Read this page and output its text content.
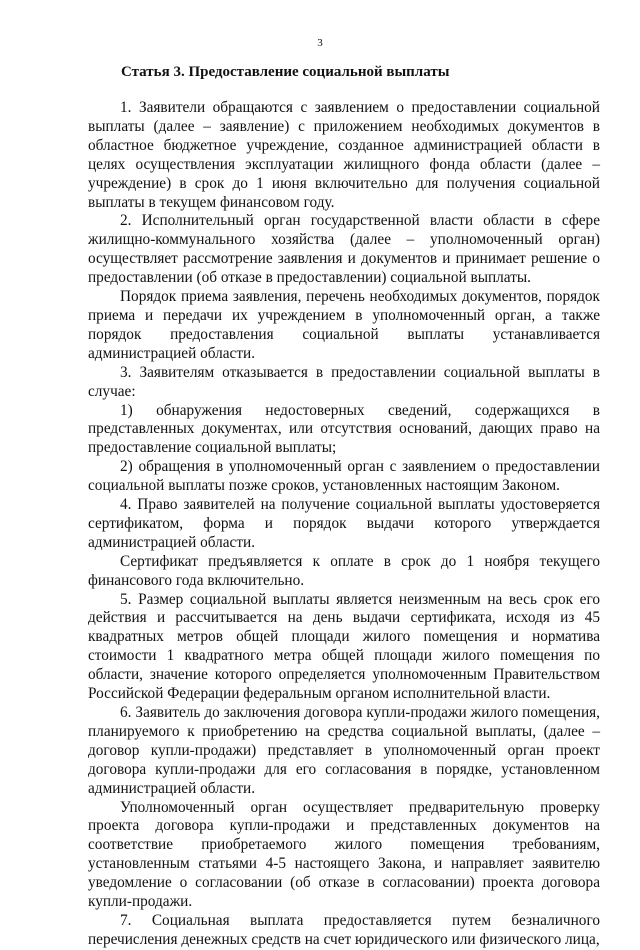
3
Статья 3. Предоставление социальной выплаты

1. Заявители обращаются с заявлением о предоставлении социальной выплаты (далее – заявление) с приложением необходимых документов в областное бюджетное учреждение, созданное администрацией области в целях осуществления эксплуатации жилищного фонда области (далее – учреждение) в срок до 1 июня включительно для получения социальной выплаты в текущем финансовом году.

2. Исполнительный орган государственной власти области в сфере жилищно-коммунального хозяйства (далее – уполномоченный орган) осуществляет рассмотрение заявления и документов и принимает решение о предоставлении (об отказе в предоставлении) социальной выплаты.

Порядок приема заявления, перечень необходимых документов, порядок приема и передачи их учреждением в уполномоченный орган, а также порядок предоставления социальной выплаты устанавливается администрацией области.

3. Заявителям отказывается в предоставлении социальной выплаты в случае:

1) обнаружения недостоверных сведений, содержащихся в представленных документах, или отсутствия оснований, дающих право на предоставление социальной выплаты;

2) обращения в уполномоченный орган с заявлением о предоставлении социальной выплаты позже сроков, установленных настоящим Законом.

4. Право заявителей на получение социальной выплаты удостоверяется сертификатом, форма и порядок выдачи которого утверждается администрацией области.

Сертификат предъявляется к оплате в срок до 1 ноября текущего финансового года включительно.

5. Размер социальной выплаты является неизменным на весь срок его действия и рассчитывается на день выдачи сертификата, исходя из 45 квадратных метров общей площади жилого помещения и норматива стоимости 1 квадратного метра общей площади жилого помещения по области, значение которого определяется уполномоченным Правительством Российской Федерации федеральным органом исполнительной власти.

6. Заявитель до заключения договора купли-продажи жилого помещения, планируемого к приобретению на средства социальной выплаты, (далее – договор купли-продажи) представляет в уполномоченный орган проект договора купли-продажи для его согласования в порядке, установленном администрацией области.

Уполномоченный орган осуществляет предварительную проверку проекта договора купли-продажи и представленных документов на соответствие приобретаемого жилого помещения требованиям, установленным статьями 4-5 настоящего Закона, и направляет заявителю уведомление о согласовании (об отказе в согласовании) проекта договора купли-продажи.

7. Социальная выплата предоставляется путем безналичного перечисления денежных средств на счет юридического или физического лица,
